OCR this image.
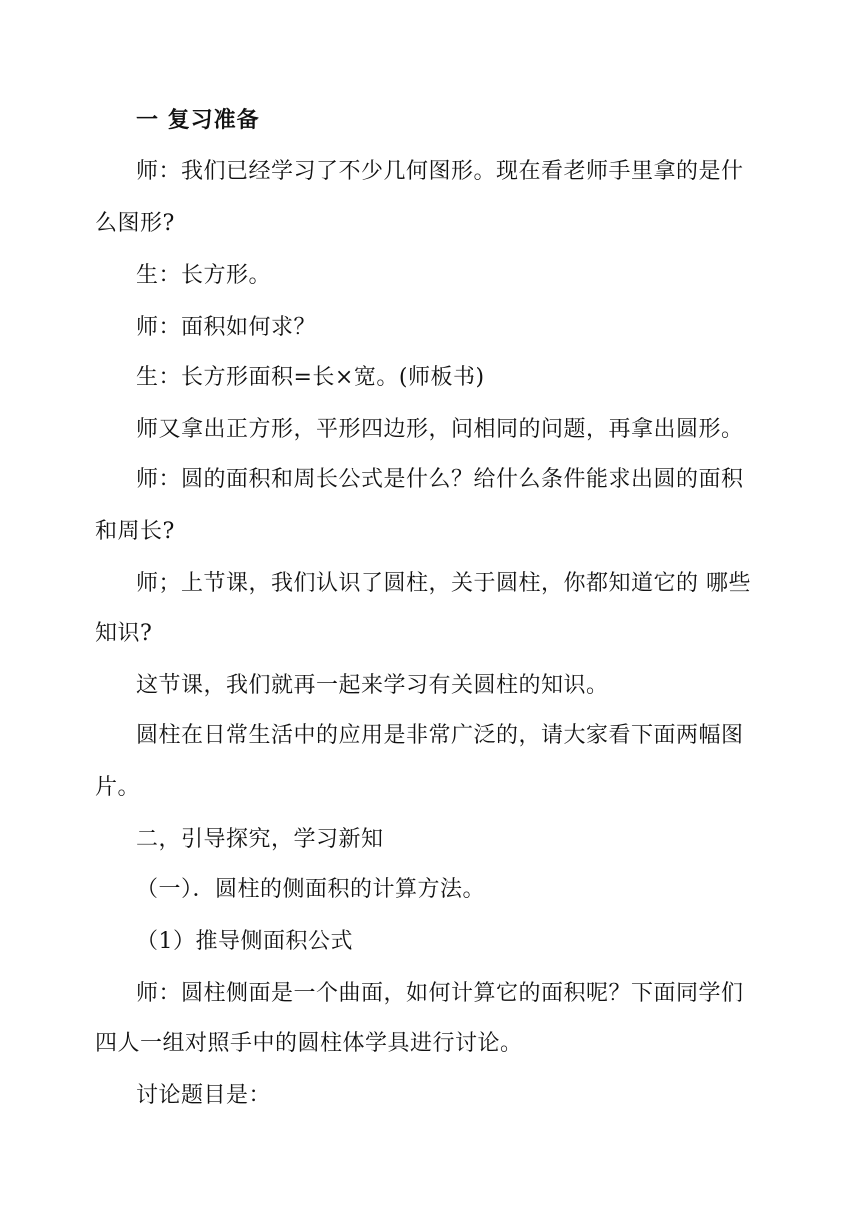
一 复习准备
师：我们已经学习了不少几何图形。现在看老师手里拿的是什
么图形?
生：长方形。
师：面积如何求？
生：长方形面积=长×宽。(师板书)
师又拿出正方形，平形四边形，问相同的问题，再拿出圆形。
师：圆的面积和周长公式是什么？给什么条件能求出圆的面积
和周长?
师；上节课，我们认识了圆柱，关于圆柱，你都知道它的 哪些
知识?
这节课，我们就再一起来学习有关圆柱的知识。
圆柱在日常生活中的应用是非常广泛的，请大家看下面两幅图
片。
二，引导探究，学习新知
（一）．圆柱的侧面积的计算方法。
（1）推导侧面积公式
师：圆柱侧面是一个曲面，如何计算它的面积呢？下面同学们
四人一组对照手中的圆柱体学具进行讨论。
讨论题目是：
